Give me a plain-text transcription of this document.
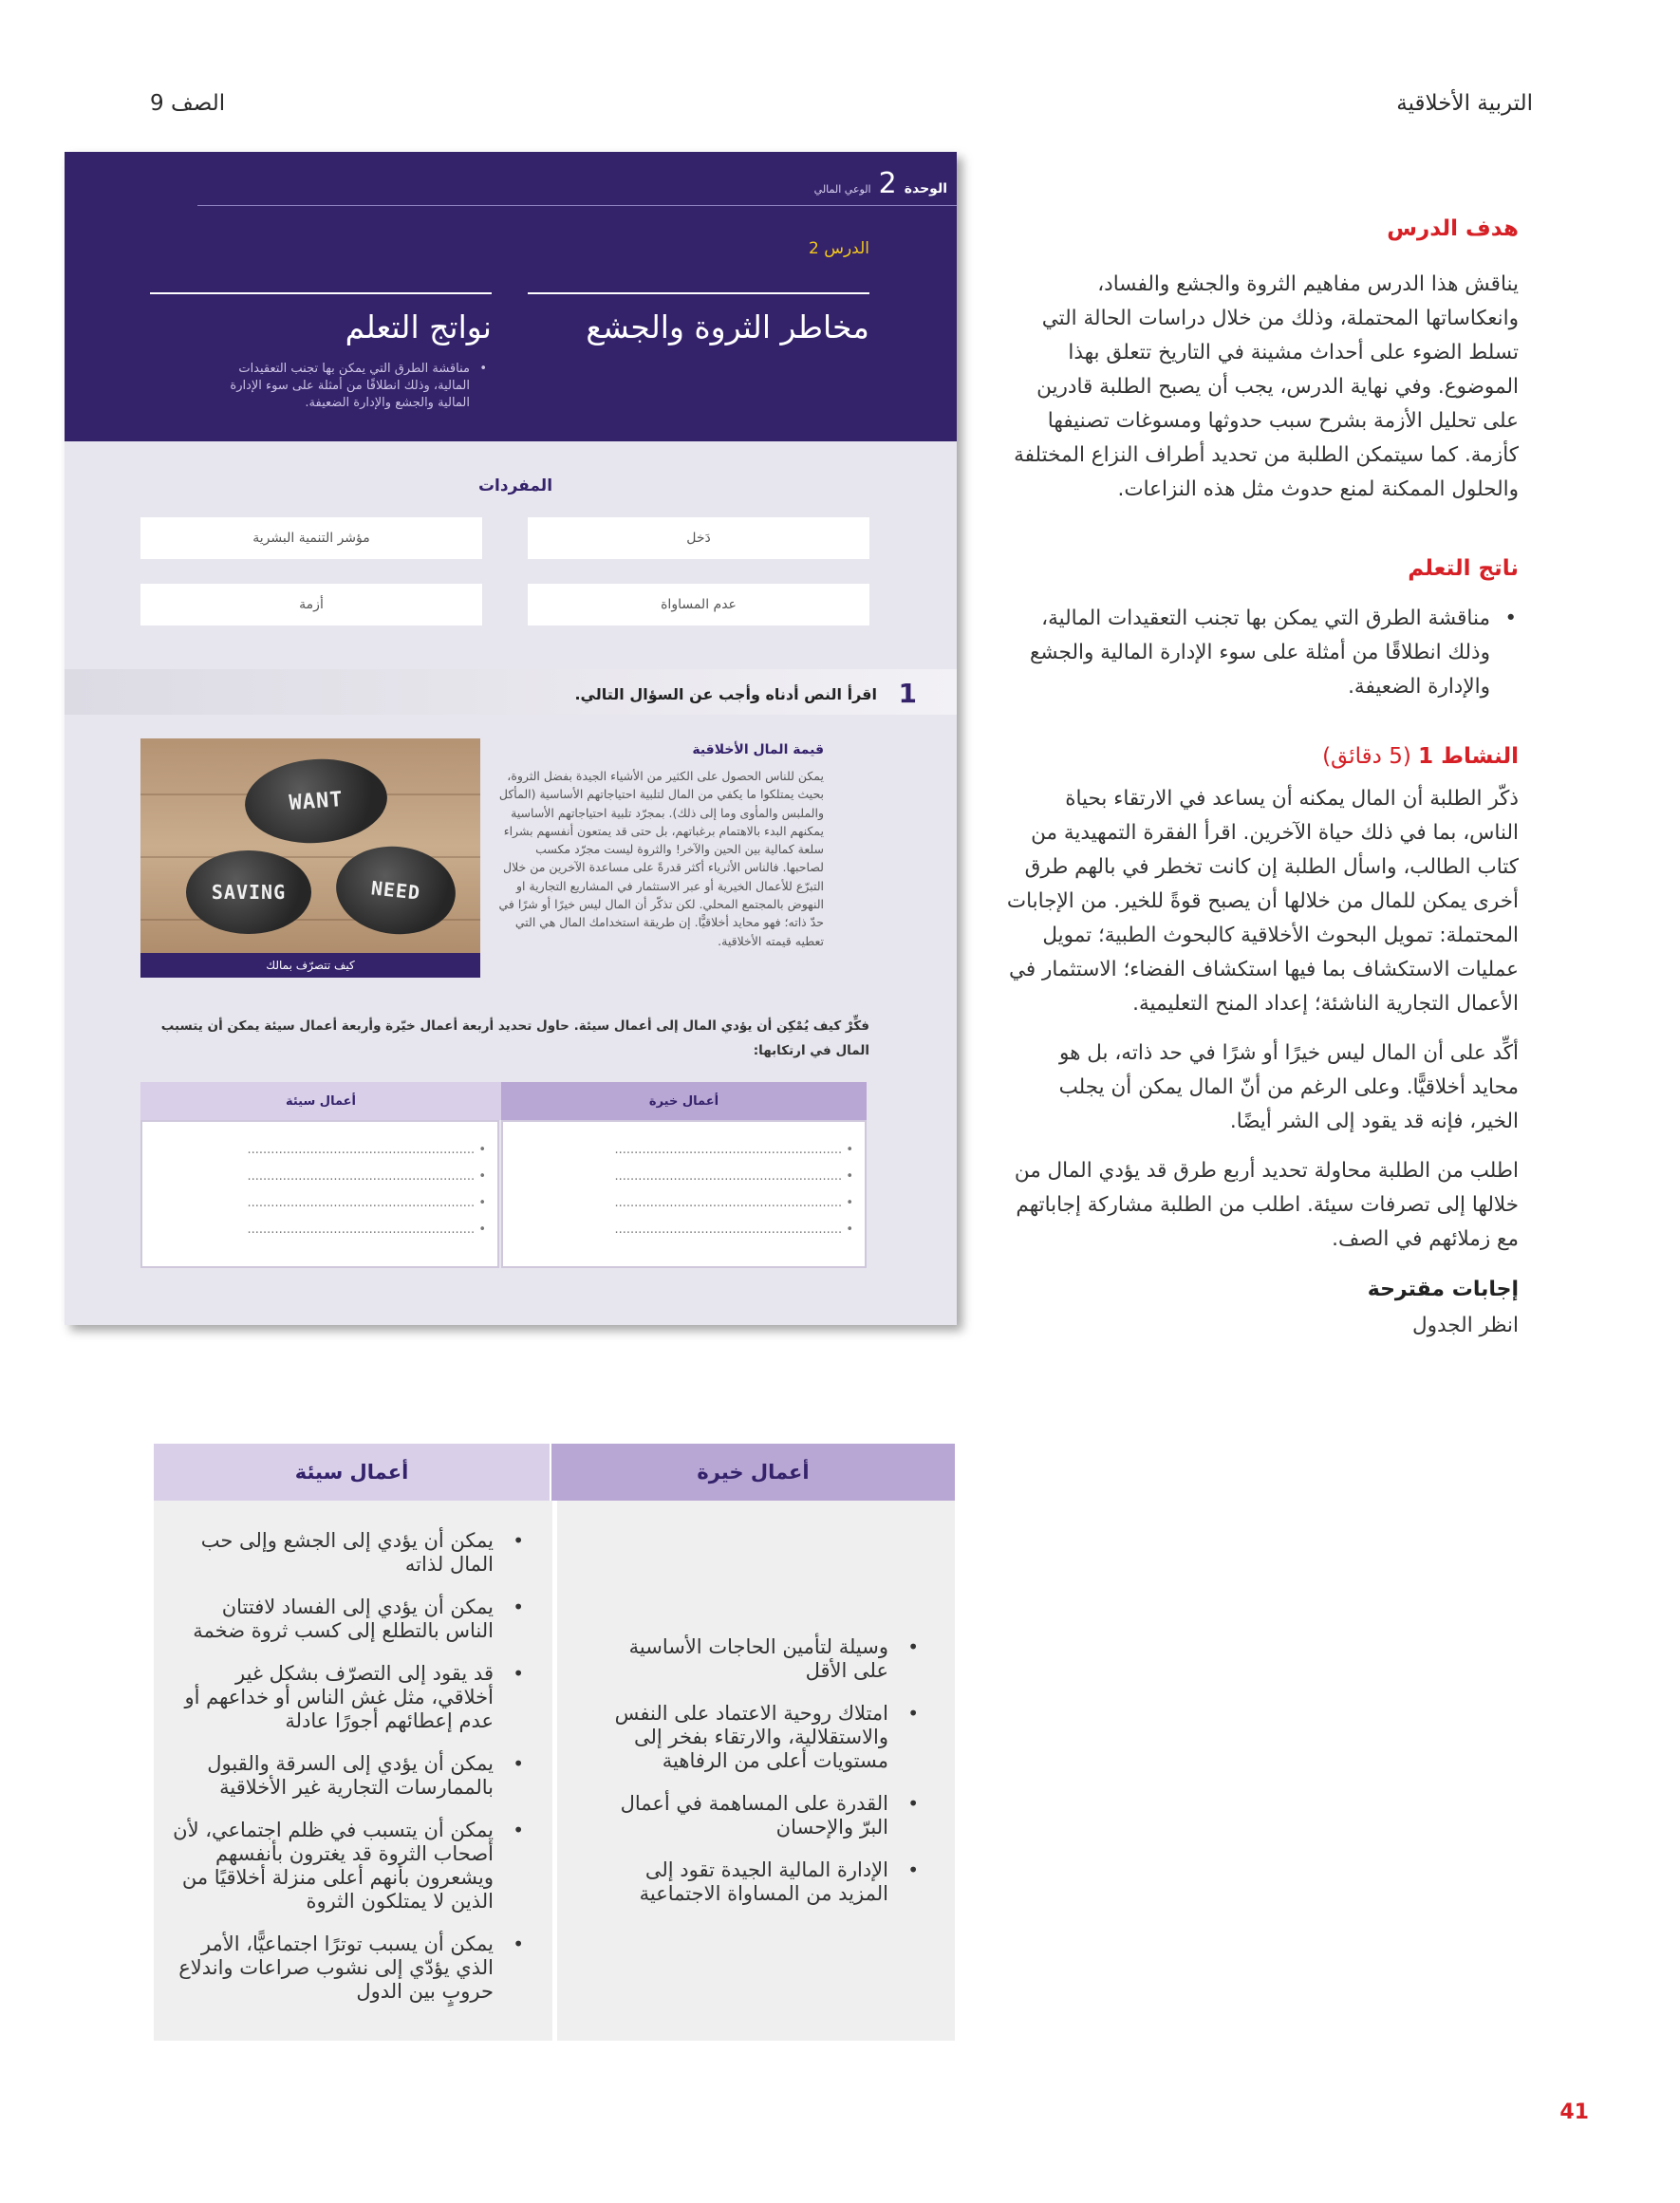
التربية الأخلاقية
الصف 9
هدف الدرس

يناقش هذا الدرس مفاهيم الثروة والجشع والفساد، وانعكاساتها المحتملة، وذلك من خلال دراسات الحالة التي تسلط الضوء على أحداث مشينة في التاريخ تتعلق بهذا الموضوع. وفي نهاية الدرس، يجب أن يصبح الطلبة قادرين على تحليل الأزمة بشرح سبب حدوثها ومسوغات تصنيفها كأزمة. كما سيتمكن الطلبة من تحديد أطراف النزاع المختلفة والحلول الممكنة لمنع حدوث مثل هذه النزاعات.

ناتج التعلم
• مناقشة الطرق التي يمكن بها تجنب التعقيدات المالية، وذلك انطلاقًا من أمثلة على سوء الإدارة المالية والجشع والإدارة الضعيفة.
النشاط 1 (5 دقائق)

ذكّر الطلبة أن المال يمكنه أن يساعد في الارتقاء بحياة الناس، بما في ذلك حياة الآخرين. اقرأ الفقرة التمهيدية من كتاب الطالب، واسأل الطلبة إن كانت تخطر في بالهم طرق أخرى يمكن للمال من خلالها أن يصبح قوةً للخير. من الإجابات المحتملة: تمويل البحوث الأخلاقية كالبحوث الطبية؛ تمويل عمليات الاستكشاف بما فيها استكشاف الفضاء؛ الاستثمار في الأعمال التجارية الناشئة؛ إعداد المنح التعليمية.

أكِّد على أن المال ليس خيرًا أو شرًا في حد ذاته، بل هو محايد أخلاقيًّا. وعلى الرغم من أنّ المال يمكن أن يجلب الخير، فإنه قد يقود إلى الشر أيضًا.

اطلب من الطلبة محاولة تحديد أربع طرق قد يؤدي المال من خلالها إلى تصرفات سيئة. اطلب من الطلبة مشاركة إجاباتهم مع زملائهم في الصف.

إجابات مقترحة
انظر الجدول
الوحدة
2
الوعي المالي
الدرس 2
مخاطر الثروة والجشع
نواتج التعلم
• مناقشة الطرق التي يمكن بها تجنب التعقيدات المالية، وذلك انطلاقًا من أمثلة على سوء الإدارة المالية والجشع والإدارة الضعيفة.
المفردات
دَخل
مؤشر التنمية البشرية
عدم المساواة
أزمة
1
اقرأ النص أدناه وأجب عن السؤال التالي.
WANT
SAVING	NEED
كيف تتصرّف بمالك
قيمة المال الأخلاقية
يمكن للناس الحصول على الكثير من الأشياء الجيدة بفضل الثروة، بحيث يمتلكوا ما يكفي من المال لتلبية احتياجاتهم الأساسية (المأكل والملبس والمأوى وما إلى ذلك). بمجرّد تلبية احتياجاتهم الأساسية يمكنهم البدء بالاهتمام برغباتهم، بل حتى قد يمتعون أنفسهم بشراء سلعة كمالية بين الحين والآخر! والثروة ليست مجرّد مكسب لصاحبها. فالناس الأثرياء أكثر قدرةً على مساعدة الآخرين من خلال التبرّع للأعمال الخيرية أو عبر الاستثمار في المشاريع التجارية او النهوض بالمجتمع المحلي. لكن تذكّر أن المال ليس خيرًا أو شرًا في حدّ ذاته؛ فهو محايد أخلاقيًّا. إن طريقة استخدامك المال هي التي تعطيه قيمته الأخلاقية.
فكِّرْ كيف يُمْكِن أن يؤدي المال إلى أعمال سيئة. حاول تحديد أربعة أعمال خيّرة وأربعة أعمال سيئة يمكن أن يتسبب المال في ارتكابها:
أعمال خيرة
أعمال سيئة
• ..........................................................
• ..........................................................
• ..........................................................
• ..........................................................
• ..........................................................
• ..........................................................
• ..........................................................
• ..........................................................
أعمال خيرة
أعمال سيئة
• وسيلة لتأمين الحاجات الأساسية على الأقل
• امتلاك روحية الاعتماد على النفس والاستقلالية، والارتقاء بفخر إلى مستويات أعلى من الرفاهية
• القدرة على المساهمة في أعمال البرّ والإحسان
• الإدارة المالية الجيدة تقود إلى المزيد من المساواة الاجتماعية
• يمكن أن يؤدي إلى الجشع وإلى حب المال لذاته
• يمكن أن يؤدي إلى الفساد لافتتان الناس بالتطلع إلى كسب ثروة ضخمة
• قد يقود إلى التصرّف بشكل غير أخلاقي، مثل غش الناس أو خداعهم أو عدم إعطائهم أجورًا عادلة
• يمكن أن يؤدي إلى السرقة والقبول بالممارسات التجارية غير الأخلاقية
• يمكن أن يتسبب في ظلم اجتماعي، لأن أصحاب الثروة قد يغترون بأنفسهم ويشعرون بأنهم أعلى منزلة أخلاقيًا من الذين لا يمتلكون الثروة
• يمكن أن يسبب توترًا اجتماعيًّا، الأمر الذي يؤدّي إلى نشوب صراعات واندلاع حروبٍ بين الدول
41
